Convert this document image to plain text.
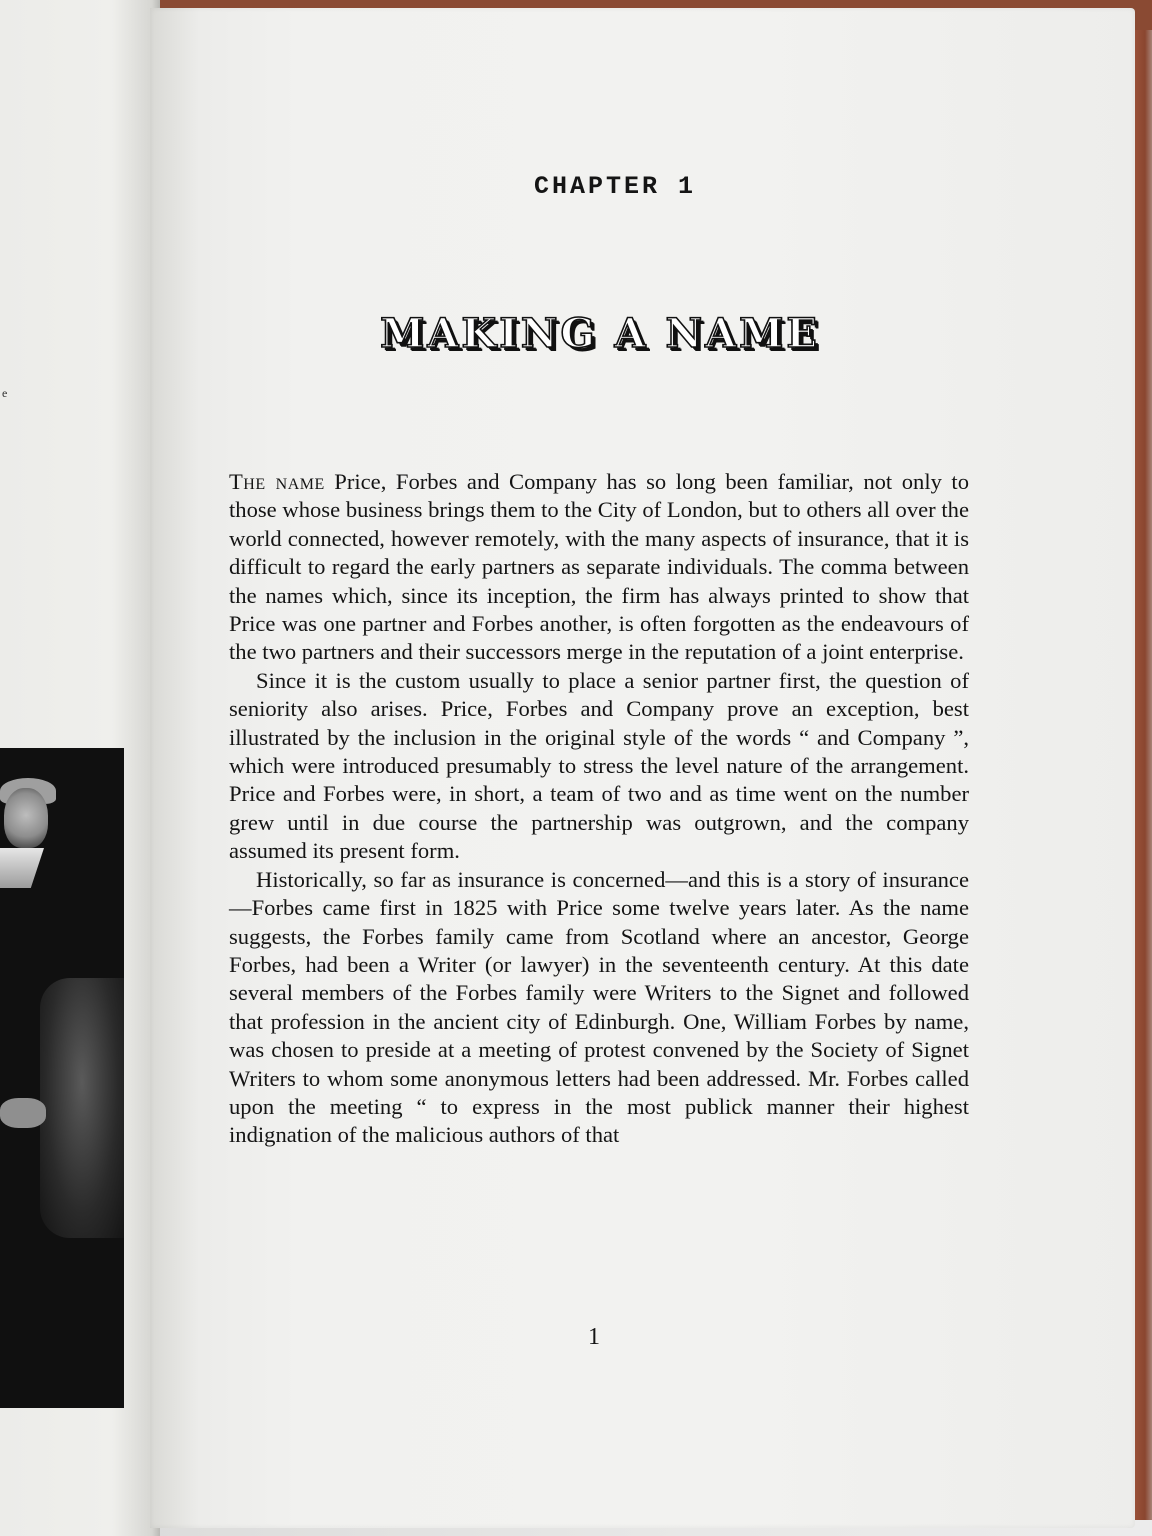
e
CHAPTER 1
MAKING A NAME

The name Price, Forbes and Company has so long been familiar, not only to those whose business brings them to the City of London, but to others all over the world connected, however remotely, with the many aspects of insurance, that it is difficult to regard the early partners as separate individuals. The comma between the names which, since its inception, the firm has always printed to show that Price was one partner and Forbes another, is often forgotten as the endeavours of the two partners and their successors merge in the reputation of a joint enterprise.

Since it is the custom usually to place a senior partner first, the question of seniority also arises. Price, Forbes and Company prove an exception, best illustrated by the inclusion in the original style of the words “ and Company ”, which were introduced presumably to stress the level nature of the arrangement. Price and Forbes were, in short, a team of two and as time went on the number grew until in due course the partnership was outgrown, and the company assumed its present form.

Historically, so far as insurance is concerned—and this is a story of insurance—Forbes came first in 1825 with Price some twelve years later. As the name suggests, the Forbes family came from Scotland where an ancestor, George Forbes, had been a Writer (or lawyer) in the seventeenth century. At this date several members of the Forbes family were Writers to the Signet and followed that profession in the ancient city of Edinburgh. One, William Forbes by name, was chosen to preside at a meeting of protest convened by the Society of Signet Writers to whom some anonymous letters had been addressed. Mr. Forbes called upon the meeting “ to express in the most publick manner their highest indignation of the malicious authors of that

1
